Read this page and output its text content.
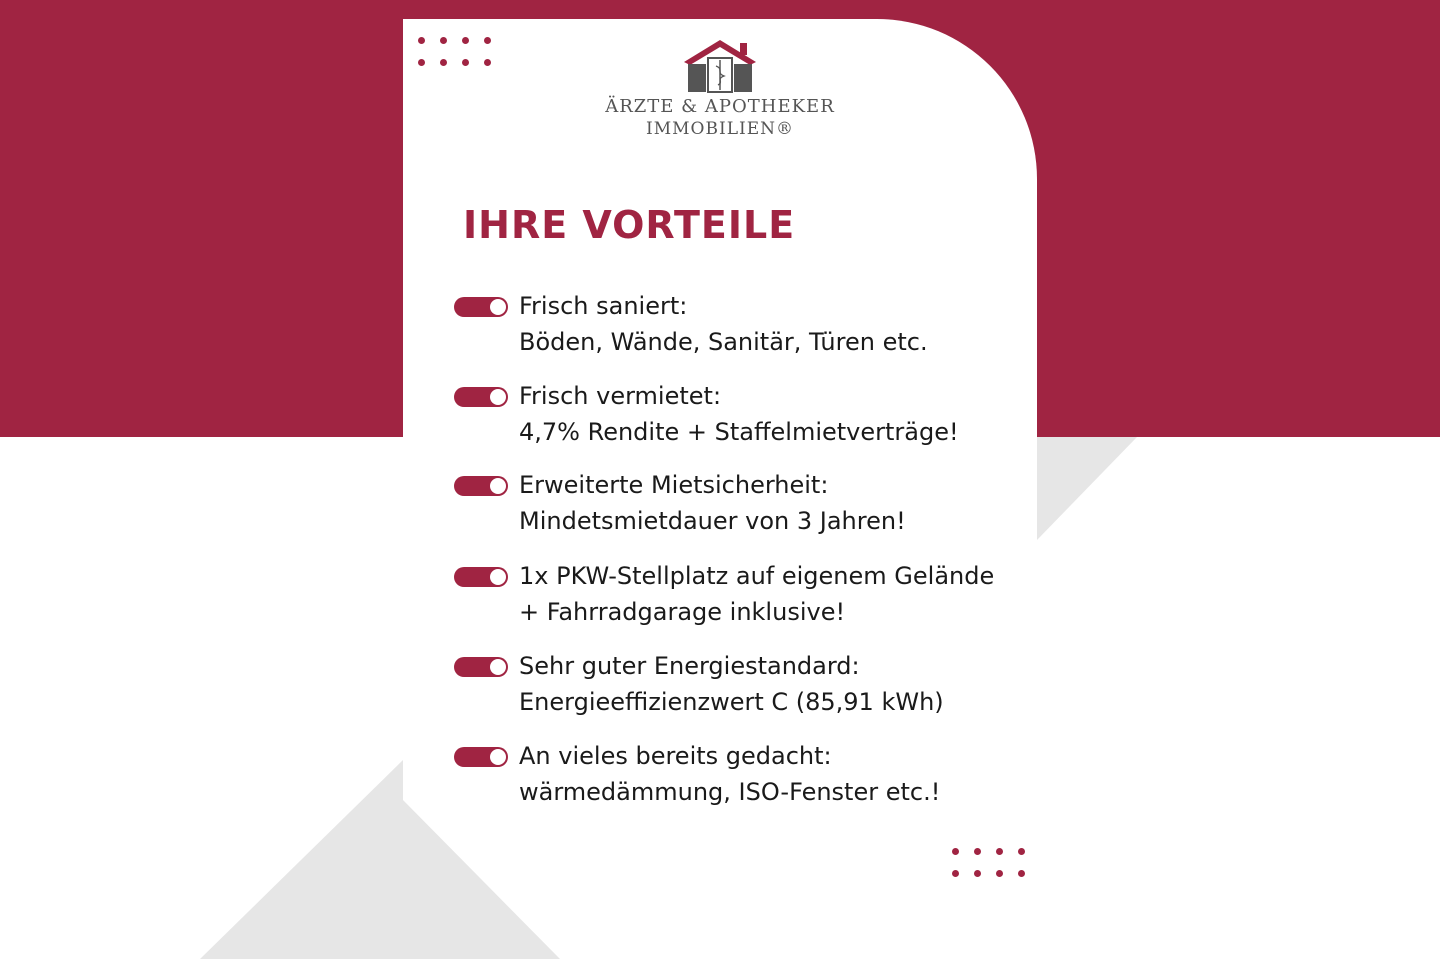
ÄRZTE & APOTHEKER
IMMOBILIEN®
IHRE VORTEILE
Frisch saniert:
Böden, Wände, Sanitär, Türen etc.
Frisch vermietet:
4,7% Rendite + Staffelmietverträge!
Erweiterte Mietsicherheit:
Mindetsmietdauer von 3 Jahren!
1x PKW-Stellplatz auf eigenem Gelände
+ Fahrradgarage inklusive!
Sehr guter Energiestandard:
Energieeffizienzwert C (85,91 kWh)
An vieles bereits gedacht:
wärmedämmung, ISO-Fenster etc.!
